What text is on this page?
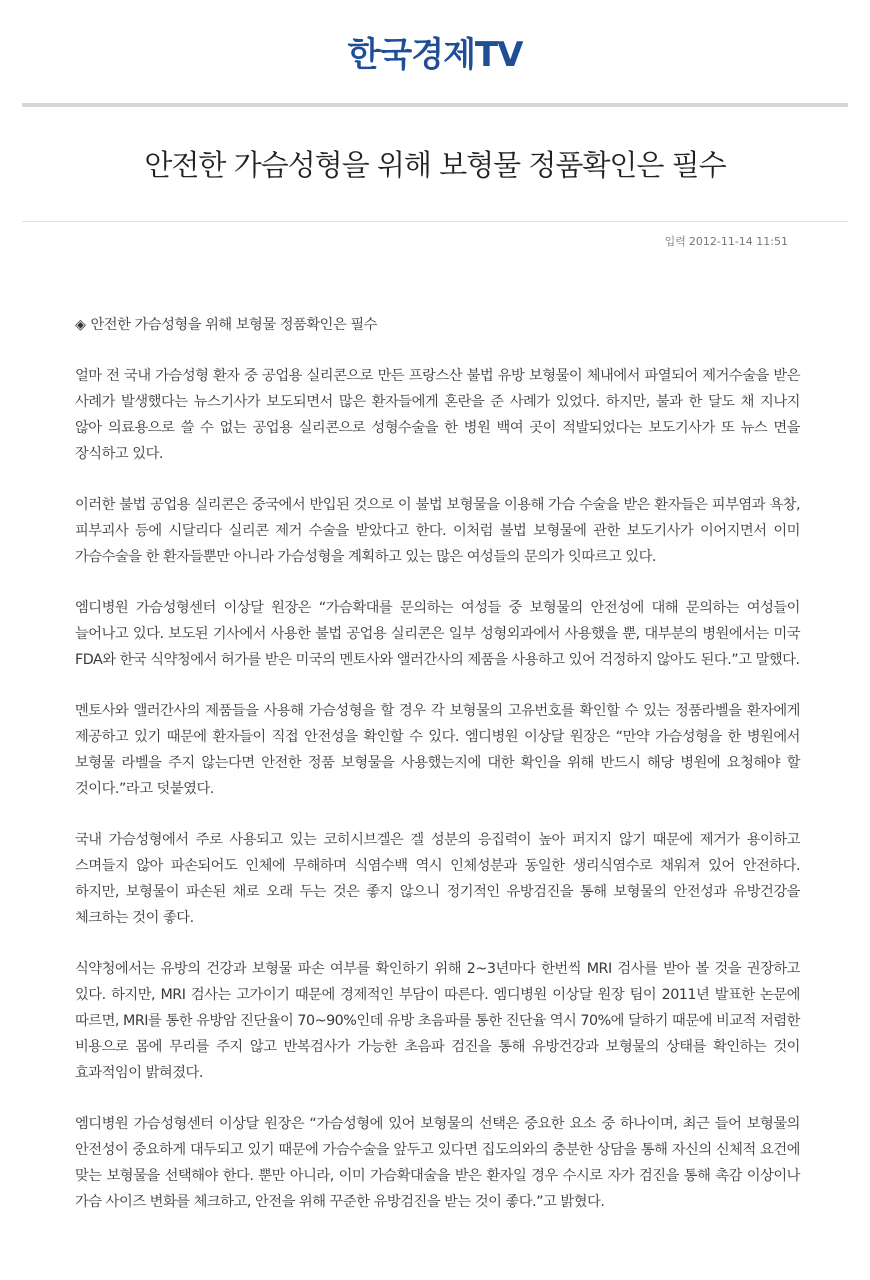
한국경제TV
안전한 가슴성형을 위해 보형물 정품확인은 필수
입력 2012-11-14 11:51

◈ 안전한 가슴성형을 위해 보형물 정품확인은 필수

얼마 전 국내 가슴성형 환자 중 공업용 실리콘으로 만든 프랑스산 불법 유방 보형물이 체내에서 파열되어 제거수술을 받은 사례가 발생했다는 뉴스기사가 보도되면서 많은 환자들에게 혼란을 준 사례가 있었다. 하지만, 불과 한 달도 채 지나지 않아 의료용으로 쓸 수 없는 공업용 실리콘으로 성형수술을 한 병원 백여 곳이 적발되었다는 보도기사가 또 뉴스 면을 장식하고 있다.

이러한 불법 공업용 실리콘은 중국에서 반입된 것으로 이 불법 보형물을 이용해 가슴 수술을 받은 환자들은 피부염과 욕창, 피부괴사 등에 시달리다 실리콘 제거 수술을 받았다고 한다. 이처럼 불법 보형물에 관한 보도기사가 이어지면서 이미 가슴수술을 한 환자들뿐만 아니라 가슴성형을 계획하고 있는 많은 여성들의 문의가 잇따르고 있다.

엠디병원 가슴성형센터 이상달 원장은 “가슴확대를 문의하는 여성들 중 보형물의 안전성에 대해 문의하는 여성들이 늘어나고 있다. 보도된 기사에서 사용한 불법 공업용 실리콘은 일부 성형외과에서 사용했을 뿐, 대부분의 병원에서는 미국 FDA와 한국 식약청에서 허가를 받은 미국의 멘토사와 앨러간사의 제품을 사용하고 있어 걱정하지 않아도 된다.”고 말했다.

멘토사와 앨러간사의 제품들을 사용해 가슴성형을 할 경우 각 보형물의 고유번호를 확인할 수 있는 정품라벨을 환자에게 제공하고 있기 때문에 환자들이 직접 안전성을 확인할 수 있다. 엠디병원 이상달 원장은 “만약 가슴성형을 한 병원에서 보형물 라벨을 주지 않는다면 안전한 정품 보형물을 사용했는지에 대한 확인을 위해 반드시 해당 병원에 요청해야 할 것이다.”라고 덧붙였다.

국내 가슴성형에서 주로 사용되고 있는 코히시브겔은 겔 성분의 응집력이 높아 퍼지지 않기 때문에 제거가 용이하고 스며들지 않아 파손되어도 인체에 무해하며 식염수백 역시 인체성분과 동일한 생리식염수로 채워져 있어 안전하다. 하지만, 보형물이 파손된 채로 오래 두는 것은 좋지 않으니 정기적인 유방검진을 통해 보형물의 안전성과 유방건강을 체크하는 것이 좋다.

식약청에서는 유방의 건강과 보형물 파손 여부를 확인하기 위해 2~3년마다 한번씩 MRI 검사를 받아 볼 것을 권장하고 있다. 하지만, MRI 검사는 고가이기 때문에 경제적인 부담이 따른다. 엠디병원 이상달 원장 팀이 2011년 발표한 논문에 따르면, MRI를 통한 유방암 진단율이 70~90%인데 유방 초음파를 통한 진단율 역시 70%에 달하기 때문에 비교적 저렴한 비용으로 몸에 무리를 주지 않고 반복검사가 가능한 초음파 검진을 통해 유방건강과 보형물의 상태를 확인하는 것이 효과적임이 밝혀졌다.

엠디병원 가슴성형센터 이상달 원장은 “가슴성형에 있어 보형물의 선택은 중요한 요소 중 하나이며, 최근 들어 보형물의 안전성이 중요하게 대두되고 있기 때문에 가슴수술을 앞두고 있다면 집도의와의 충분한 상담을 통해 자신의 신체적 요건에 맞는 보형물을 선택해야 한다. 뿐만 아니라, 이미 가슴확대술을 받은 환자일 경우 수시로 자가 검진을 통해 촉감 이상이나 가슴 사이즈 변화를 체크하고, 안전을 위해 꾸준한 유방검진을 받는 것이 좋다.”고 밝혔다.
